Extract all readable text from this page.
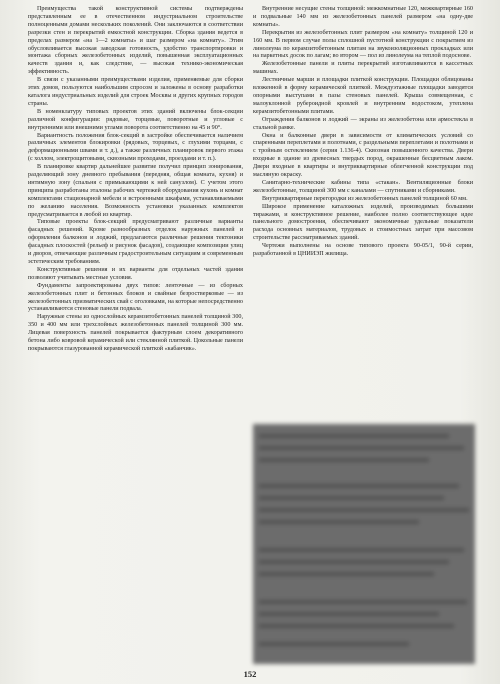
Преимущества такой конструктивной системы подтверждены представленным ее в отечественном индустриальном строительстве полноценными домами нескольких поколений. Они заключаются в соответствии разрезки стен и перекрытий емкостной конструкции. Сборка здания ведется в пределах размером «на 1—2 комнаты» и шаг размером «на комнату». Этим обусловливается высокая заводская готовность, удобство транспортировки и монтажа сборных железобетонных изделий, повышенная эксплуатационных качеств здания и, как следствие, — высокая технико-экономическая эффективность.

В связи с указанными преимуществами изделия, применяемые для сборки этих домов, пользуются наибольшим спросом и заложены в основу разработки каталога индустриальных изделий для строек Москвы и других крупных городов страны.

В номенклатуру типовых проектов этих зданий включены блок-секции различной конфигурации: рядовые, торцевые, поворотные и угловые с внутренними или внешними углами поворота соответственно на 45 и 90°.

Вариантность положения блок-секций в застройке обеспечивается наличием различных элементов блокировки (рядовых, торцевых, с глухими торцами, с деформационными швами и т. д.), а также различных планировок первого этажа (с холлом, электрощитовыми, сквозными проходами, проездами и т. п.).

В планировке квартир дальнейшее развитие получил принцип зонирования, разделяющий зону дневного пребывания (передняя, общая комната, кухня) и интимную зону (спальня с примыкающими к ней санузлом). С учетом этого принципа разработаны эталоны рабочих чертежей оборудования кухонь и комнат комплектами стационарной мебели и встроенными шкафами, устанавливаемыми по желанию населения. Возможность установки указанных комплектов предусматривается в любой из квартир.

Типовые проекты блок-секций предусматривают различные варианты фасадных решений. Кроме разнообразных отделок наружных панелей и оформления балконов и лоджий, предлагаются различные решения тектоники фасадных плоскостей (рельеф и рисунок фасадов), создающие композиции улиц и дворов, отвечающие различным градостроительным ситуациям и современным эстетическим требованиям.

Конструктивные решения и их варианты для отдельных частей здания позволяют учитывать местные условия.

Фундаменты запроектированы двух типов: ленточные — из сборных железобетонных плит и бетонных блоков и свайные безростверковые — из железобетонных призматических свай с оголовками, на которые непосредственно устанавливаются стеновые панели подвала.

Наружные стены из однослойных керамзитобетонных панелей толщиной 300, 350 и 400 мм или трехслойных железобетонных панелей толщиной 300 мм. Лицевая поверхность панелей покрывается фактурным слоем декоративного бетона либо ковровой керамической или стеклянной плиткой. Цокольные панели покрываются глазурованной керамической плиткой «кабанчик».

Внутренние несущие стены толщиной: межкомнатные 120, межквартирные 160 и подвальные 140 мм из железобетонных панелей размером «на одну-две комнаты».

Перекрытия из железобетонных плит размером «на комнату» толщиной 120 и 160 мм. В первом случае полы сплошной пустотной конструкции с покрытием из линолеума по керамзитобетонным плитам на звукоизоляционных прокладках или на паркетных досок по лагам; во втором — пол из линолеума на теплой подоснове.

Железобетонные панели и плиты перекрытий изготавливаются в кассетных машинах.

Лестничные марши и площадки плиткой конструкции. Площадки облицованы вложенной в форму керамической плиткой. Междуэтажные площадки заводятся опорными выступами в пазы стеновых панелей. Крыша совмещенная, с малоуклонной рубероидной кровлей и внутренним водостоком, утеплена керамзитобетонными плитами.

Ограждения балконов и лоджий — экраны из железобетона или армостекла в стальной рамке.

Окна и балконные двери в зависимости от климатических условий со спаренными переплетами и полотнами, с раздельными переплетами и полотнами и с тройным остеклением (серия 1.136-4). Сквозная повышенного качества. Двери входные в здание из древесных твердых пород, окрашенные бесцветным лаком. Двери входные в квартиры и внутриквартирные облегченной конструкции под масляную окраску.

Санитарно-технические кабины типа «стакан». Вентиляционные блоки железобетонные, толщиной 300 мм с каналами — спутниками и сборниками.

Внутриквартирные перегородки из железобетонных панелей толщиной 60 мм.

Широкое применение каталожных изделий, производимых большими тиражами, и конструктивное решение, наиболее полно соответствующее идее панельного домостроения, обеспечивают экономичные удельные показатели расхода основных материалов, трудовых и стоимостных затрат при массовом строительстве рассматриваемых зданий.

Чертежи выполнены на основе типового проекта 90-05/1, 90-й серии, разработанной в ЦНИИЭП жилища.

152
